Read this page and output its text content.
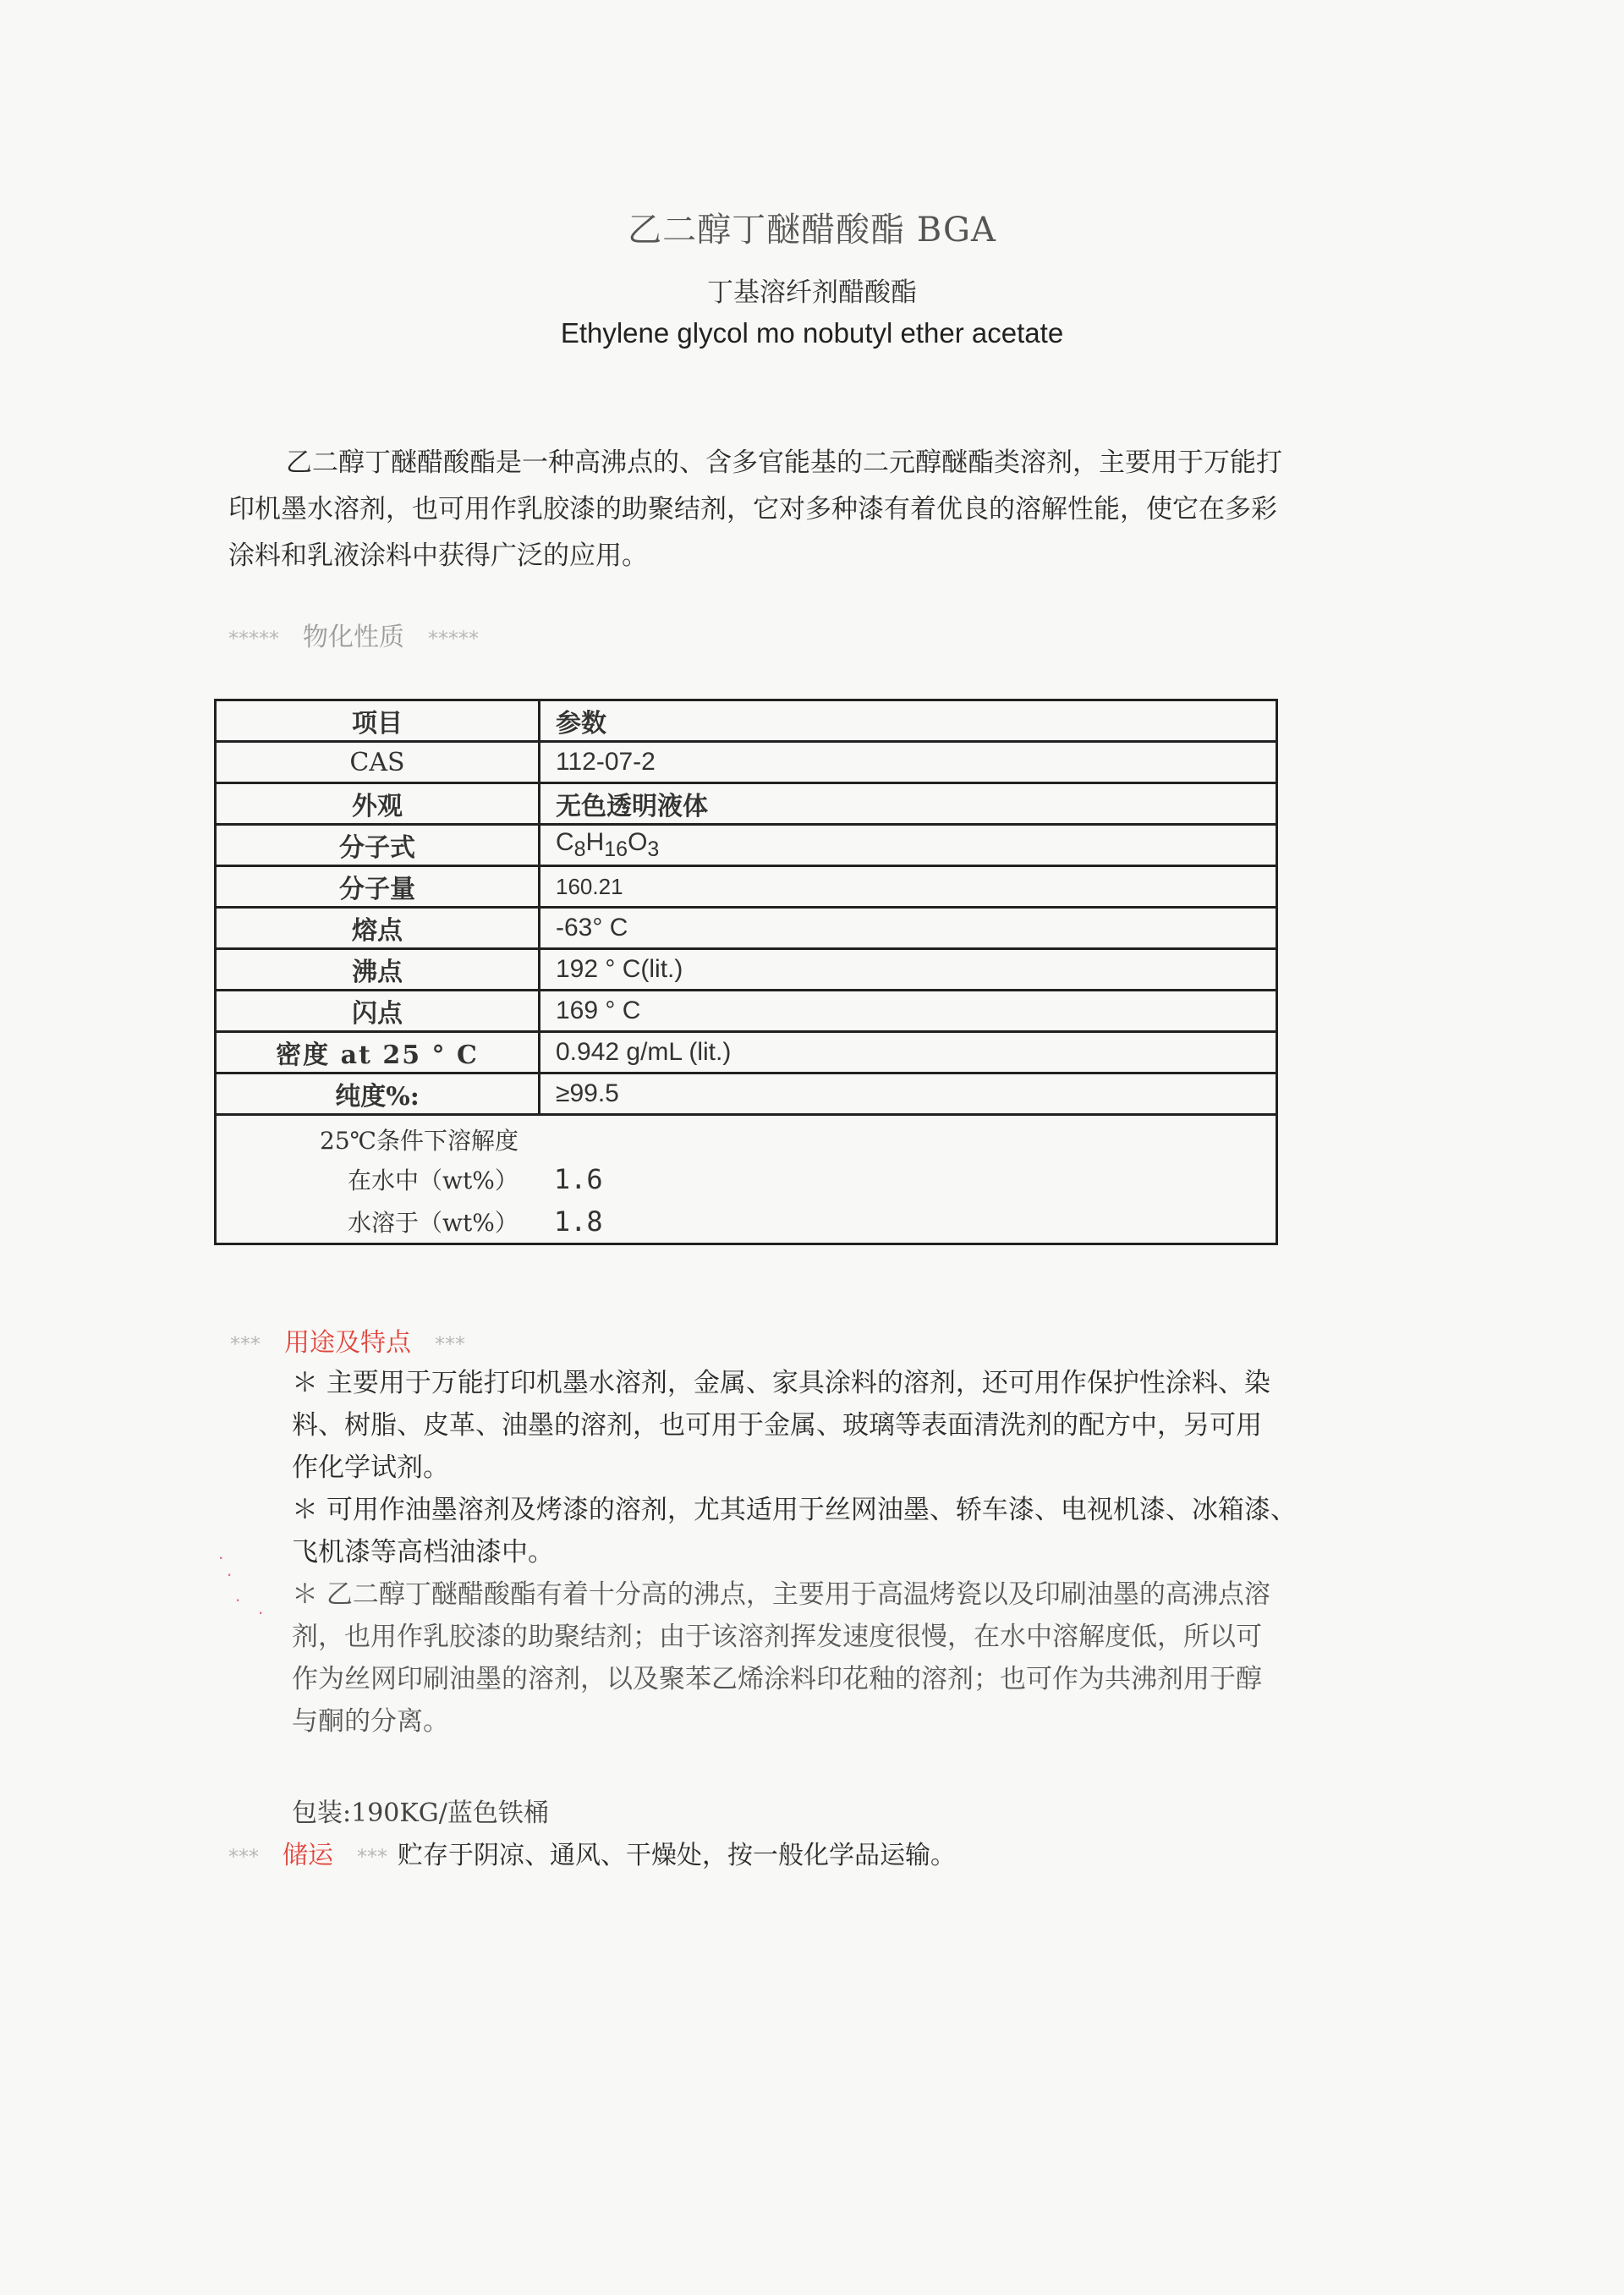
乙二醇丁醚醋酸酯 BGA
丁基溶纤剂醋酸酯
Ethylene glycol mo nobutyl ether acetate
乙二醇丁醚醋酸酯是一种高沸点的、含多官能基的二元醇醚酯类溶剂，主要用于万能打
印机墨水溶剂，也可用作乳胶漆的助聚结剂，它对多种漆有着优良的溶解性能，使它在多彩
涂料和乳液涂料中获得广泛的应用。
***** 物化性质 *****
项目	参数
CAS	112-07-2
外观	无色透明液体
分子式	$C_8H_{16}O_3$
分子量	160.21
熔点	-63° C
沸点	192 ° C(lit.)
闪点	169 ° C
密度 at 25 ° C	0.942 g/mL (lit.)
纯度%:	≥99.5

25℃条件下溶解度
在水中（wt%） 1.6
水溶于（wt%） 1.8	
*** 用途及特点 ***
＊ 主要用于万能打印机墨水溶剂，金属、家具涂料的溶剂，还可用作保护性涂料、染
料、树脂、皮革、油墨的溶剂，也可用于金属、玻璃等表面清洗剂的配方中，另可用
作化学试剂。
＊ 可用作油墨溶剂及烤漆的溶剂，尤其适用于丝网油墨、轿车漆、电视机漆、冰箱漆、
飞机漆等高档油漆中。
＊ 乙二醇丁醚醋酸酯有着十分高的沸点，主要用于高温烤瓷以及印刷油墨的高沸点溶
剂，也用作乳胶漆的助聚结剂；由于该溶剂挥发速度很慢，在水中溶解度低，所以可
作为丝网印刷油墨的溶剂，以及聚苯乙烯涂料印花釉的溶剂；也可作为共沸剂用于醇
与酮的分离。
包装:190KG/蓝色铁桶
*** 储运 *** 贮存于阴凉、通风、干燥处，按一般化学品运输。
·
·
·
·
